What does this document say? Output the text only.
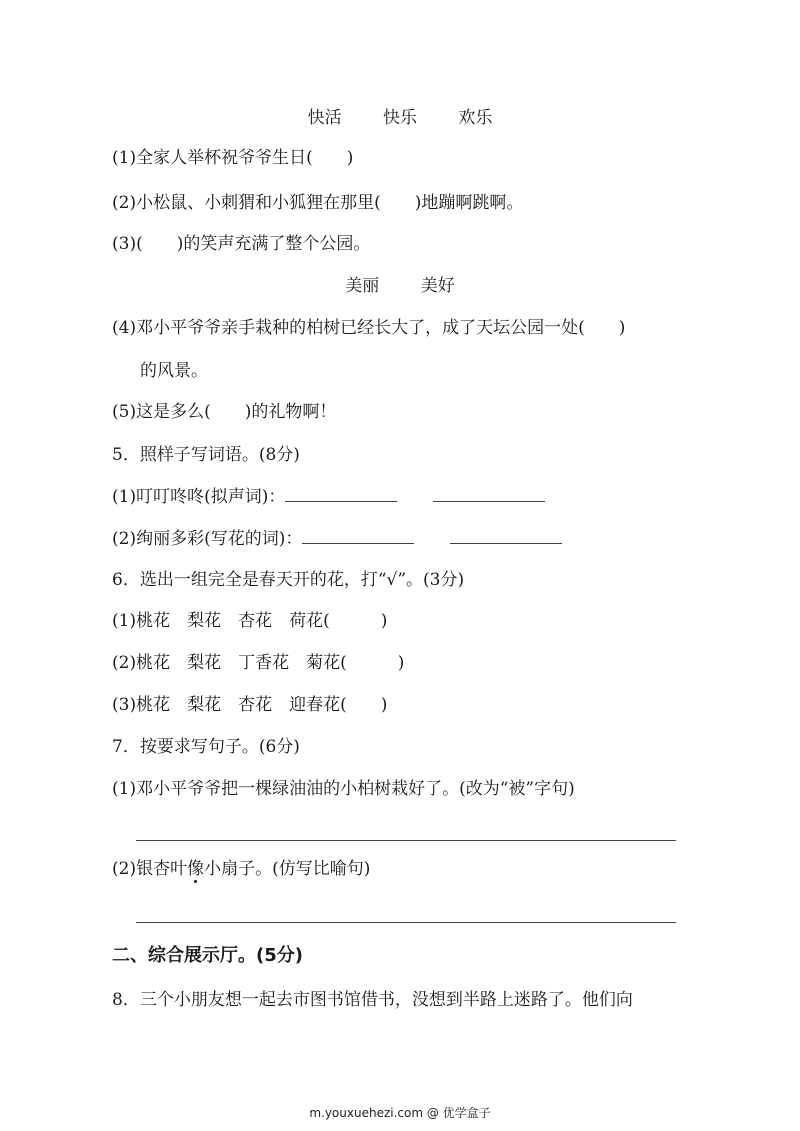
快活 快乐 欢乐
(1)全家人举杯祝爷爷生日(　　)
(2)小松鼠、小刺猬和小狐狸在那里(　　)地蹦啊跳啊。
(3)(　　)的笑声充满了整个公园。
美丽 美好
(4)邓小平爷爷亲手栽种的柏树已经长大了，成了天坛公园一处(　　)
的风景。
(5)这是多么(　　)的礼物啊！
5．照样子写词语。(8分)
(1)叮叮咚咚(拟声词)：
(2)绚丽多彩(写花的词)：
6．选出一组完全是春天开的花，打“√”。(3分)
(1)桃花　梨花　杏花　荷花(　　　)
(2)桃花　梨花　丁香花　菊花(　　　)
(3)桃花　梨花　杏花　迎春花(　　)
7．按要求写句子。(6分)
(1)邓小平爷爷把一棵绿油油的小柏树栽好了。(改为“被”字句)
(2)银杏叶像小扇子。(仿写比喻句)
二、综合展示厅。(5分)
8．三个小朋友想一起去市图书馆借书，没想到半路上迷路了。他们向
m.youxuehezi.com @ 优学盒子
